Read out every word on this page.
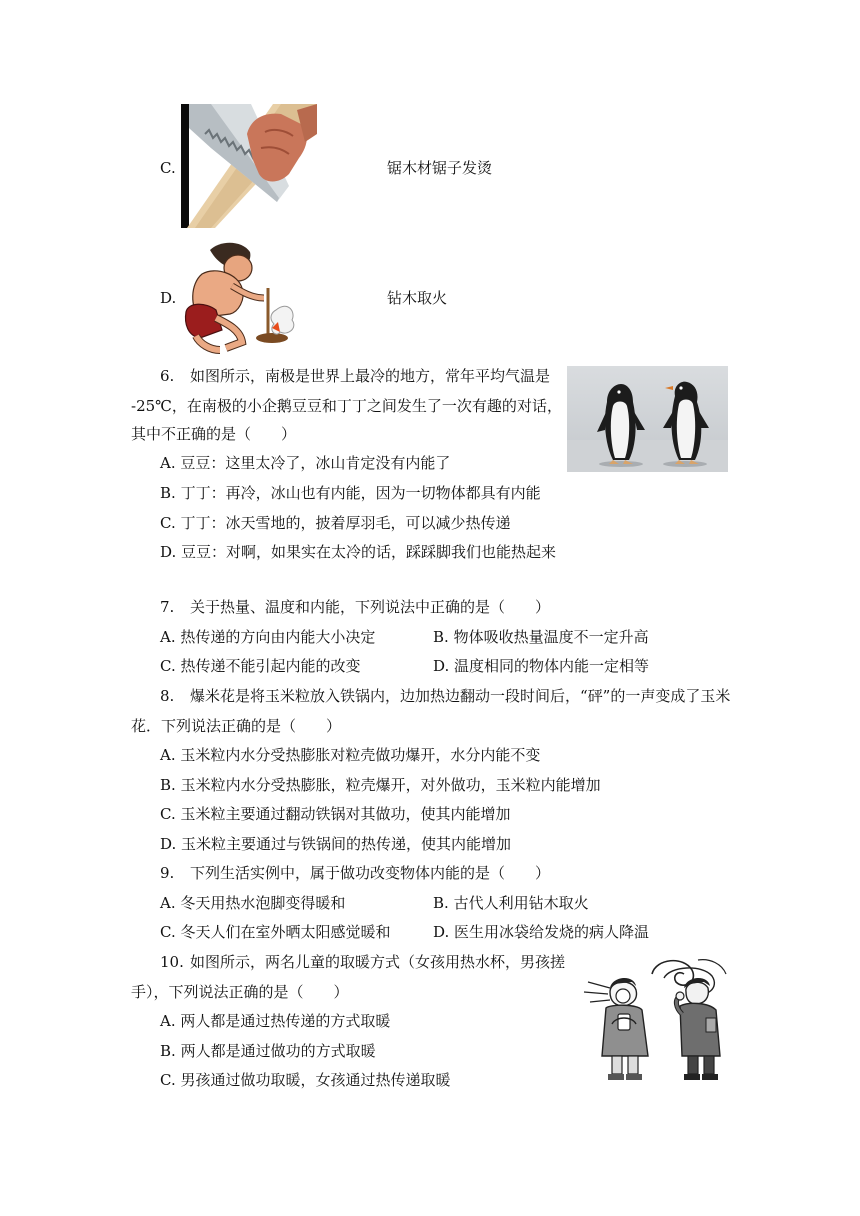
C.	锯木材锯子发烫
D.	钻木取火
6. 如图所示，南极是世界上最冷的地方，常年平均气温是
-25℃，在南极的小企鹅豆豆和丁丁之间发生了一次有趣的对话，
其中不正确的是（　　）
A. 豆豆：这里太冷了，冰山肯定没有内能了
B. 丁丁：再冷，冰山也有内能，因为一切物体都具有内能
C. 丁丁：冰天雪地的，披着厚羽毛，可以减少热传递
D. 豆豆：对啊，如果实在太冷的话，踩踩脚我们也能热起来
7. 关于热量、温度和内能，下列说法中正确的是（　　）
A. 热传递的方向由内能大小决定	B. 物体吸收热量温度不一定升高
C. 热传递不能引起内能的改变	D. 温度相同的物体内能一定相等
8. 爆米花是将玉米粒放入铁锅内，边加热边翻动一段时间后，“砰”的一声变成了玉米
花．下列说法正确的是（　　）
A. 玉米粒内水分受热膨胀对粒壳做功爆开，水分内能不变
B. 玉米粒内水分受热膨胀，粒壳爆开，对外做功，玉米粒内能增加
C. 玉米粒主要通过翻动铁锅对其做功，使其内能增加
D. 玉米粒主要通过与铁锅间的热传递，使其内能增加
9. 下列生活实例中，属于做功改变物体内能的是（　　）
A. 冬天用热水泡脚变得暖和	B. 古代人利用钻木取火
C. 冬天人们在室外晒太阳感觉暖和	D. 医生用冰袋给发烧的病人降温
10. 如图所示，两名儿童的取暖方式（女孩用热水杯，男孩搓
手），下列说法正确的是（　　）
A. 两人都是通过热传递的方式取暖
B. 两人都是通过做功的方式取暖
C. 男孩通过做功取暖，女孩通过热传递取暖
